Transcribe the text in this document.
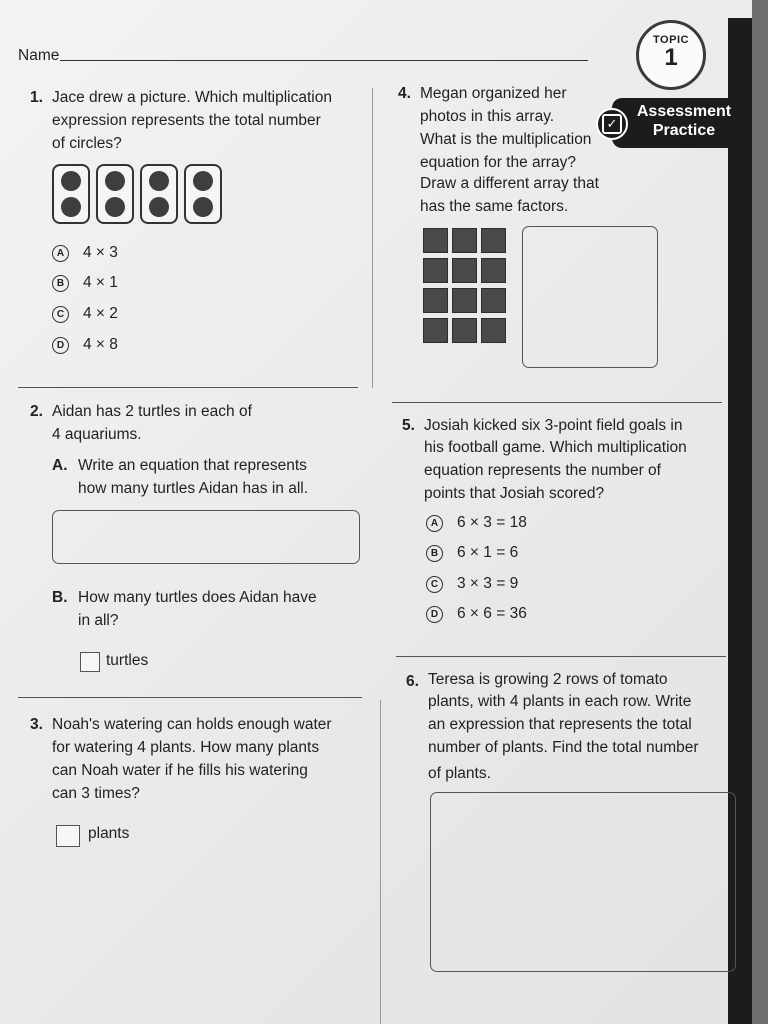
Name
TOPIC
1
✓
Assessment
Practice
1. Jace drew a picture. Which multiplication
expression represents the total number
of circles?
A	4 × 3
B	4 × 1
C	4 × 2
D	4 × 8
2. Aidan has 2 turtles in each of
4 aquariums.
A. Write an equation that represents
how many turtles Aidan has in all.
B. How many turtles does Aidan have
in all?
turtles
3. Noah's watering can holds enough water
for watering 4 plants. How many plants
can Noah water if he fills his watering
can 3 times?
plants
4. Megan organized her
photos in this array.
What is the multiplication
equation for the array?
Draw a different array that
has the same factors.
5. Josiah kicked six 3-point field goals in
his football game. Which multiplication
equation represents the number of
points that Josiah scored?
A	6 × 3 = 18
B	6 × 1 = 6
C	3 × 3 = 9
D	6 × 6 = 36
6. Teresa is growing 2 rows of tomato
plants, with 4 plants in each row. Write
an expression that represents the total
number of plants. Find the total number
of plants.
